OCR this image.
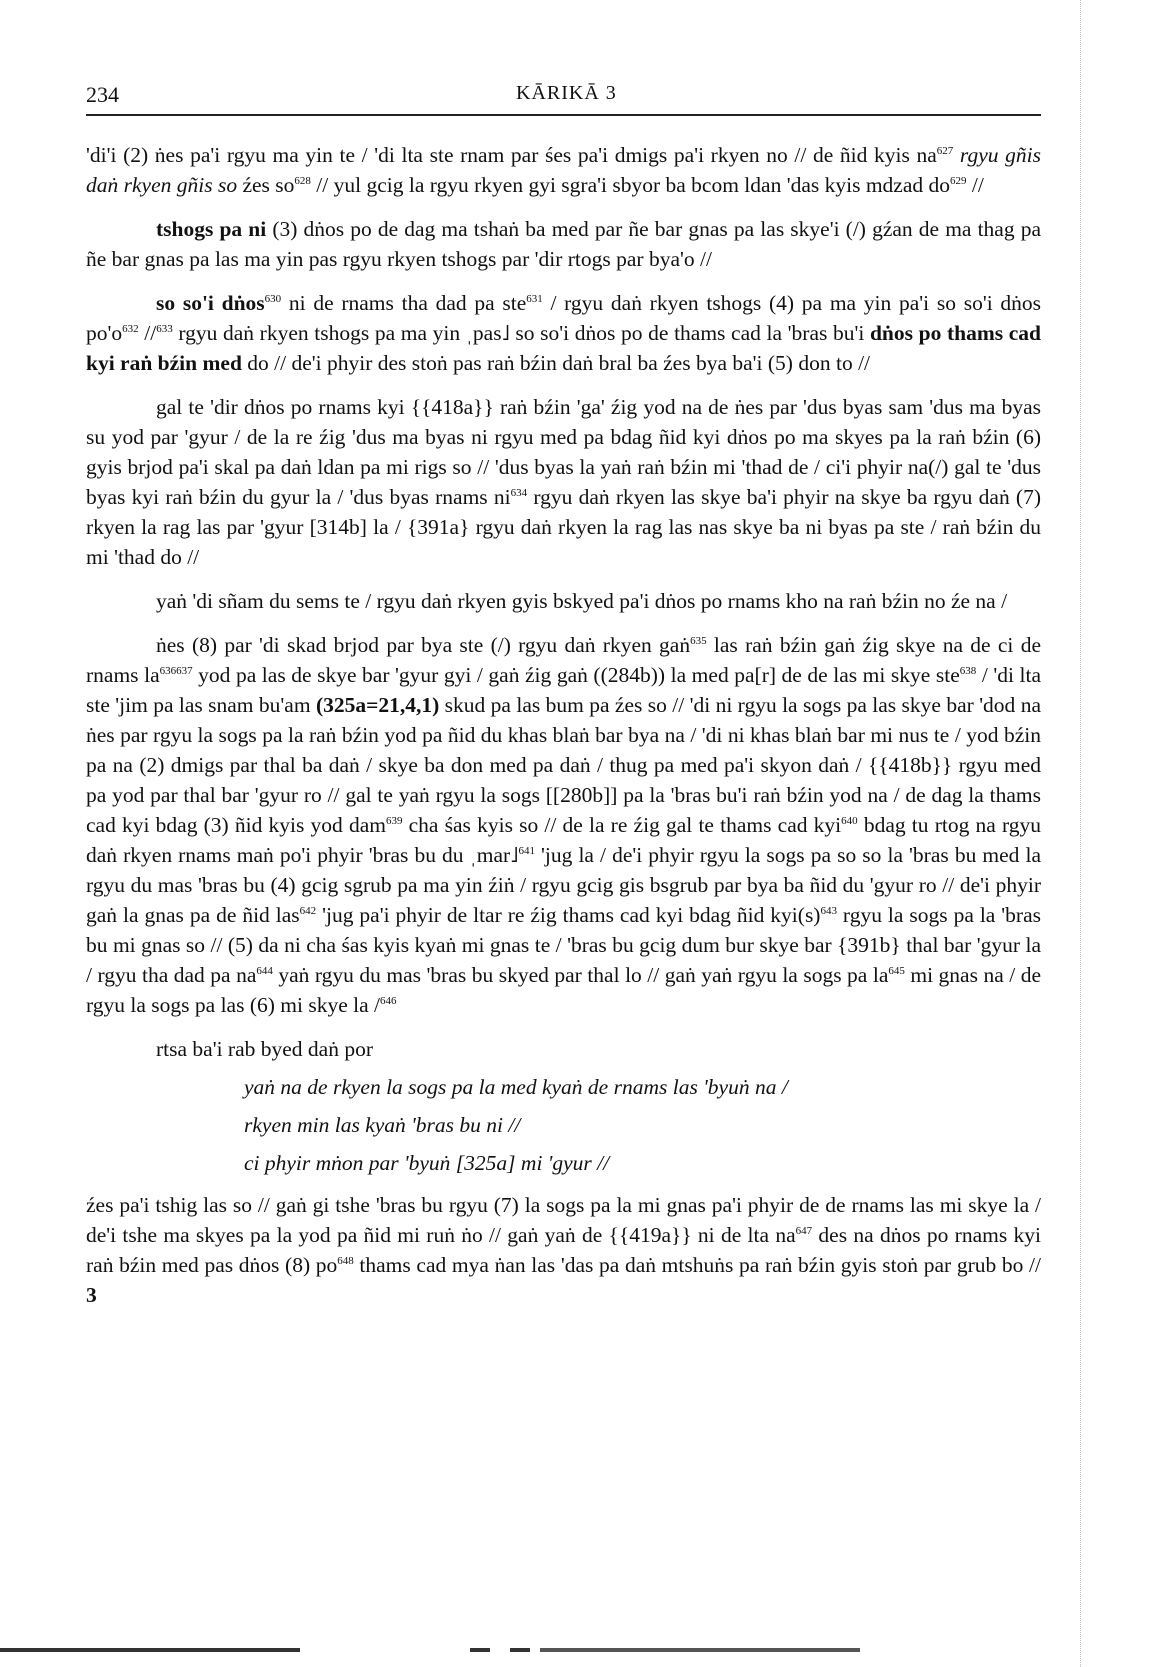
234	KĀRIKĀ 3

'di'i (2) ṅes pa'i rgyu ma yin te / 'di lta ste rnam par śes pa'i dmigs pa'i rkyen no // de ñid kyis $na^{627}$ rgyu gñis daṅ rkyen gñis so źes $so^{628}$ // yul gcig la rgyu rkyen gyi sgra'i sbyor ba bcom ldan 'das kyis mdzad $do^{629}$ //

tshogs pa ni (3) dṅos po de dag ma tshaṅ ba med par ñe bar gnas pa las skye'i (/) gźan de ma thag pa ñe bar gnas pa las ma yin pas rgyu rkyen tshogs par 'dir rtogs par bya'o //

so so'i dṅos$^{630}$ ni de rnams tha dad pa ste$^{631}$ / rgyu daṅ rkyen tshogs (4) pa ma yin pa'i so so'i dṅos $po'o^{632}$ //$^{633}$ rgyu daṅ rkyen tshogs pa ma yin ˌpas˩ so so'i dṅos po de thams cad la 'bras bu'i dṅos po thams cad kyi raṅ bźin med do // de'i phyir des stoṅ pas raṅ bźin daṅ bral ba źes bya ba'i (5) don to //

gal te 'dir dṅos po rnams kyi {{418a}} raṅ bźin 'ga' źig yod na de ṅes par 'dus byas sam 'dus ma byas su yod par 'gyur / de la re źig 'dus ma byas ni rgyu med pa bdag ñid kyi dṅos po ma skyes pa la raṅ bźin (6) gyis brjod pa'i skal pa daṅ ldan pa mi rigs so // 'dus byas la yaṅ raṅ bźin mi 'thad de / ci'i phyir na(/) gal te 'dus byas kyi raṅ bźin du gyur la / 'dus byas rnams $ni^{634}$ rgyu daṅ rkyen las skye ba'i phyir na skye ba rgyu daṅ (7) rkyen la rag las par 'gyur [314b] la / {391a} rgyu daṅ rkyen la rag las nas skye ba ni byas pa ste / raṅ bźin du mi 'thad do //

yaṅ 'di sñam du sems te / rgyu daṅ rkyen gyis bskyed pa'i dṅos po rnams kho na raṅ bźin no źe na /

ṅes (8) par 'di skad brjod par bya ste (/) rgyu daṅ rkyen gaṅ$^{635}$ las raṅ bźin gaṅ źig skye na de ci de rnams $la^{636637}$ yod pa las de skye bar 'gyur gyi / gaṅ źig gaṅ ((284b)) la med pa[r] de de las mi skye ste$^{638}$ / 'di lta ste 'jim pa las snam bu'am (325a=21,4,1) skud pa las bum pa źes so // 'di ni rgyu la sogs pa las skye bar 'dod na ṅes par rgyu la sogs pa la raṅ bźin yod pa ñid du khas blaṅ bar bya na / 'di ni khas blaṅ bar mi nus te / yod bźin pa na (2) dmigs par thal ba daṅ / skye ba don med pa daṅ / thug pa med pa'i skyon daṅ / {{418b}} rgyu med pa yod par thal bar 'gyur ro // gal te yaṅ rgyu la sogs [[280b]] pa la 'bras bu'i raṅ bźin yod na / de dag la thams cad kyi bdag (3) ñid kyis yod dam$^{639}$ cha śas kyis so // de la re źig gal te thams cad kyi$^{640}$ bdag tu rtog na rgyu daṅ rkyen rnams maṅ po'i phyir 'bras bu du ˌmar˩$^{641}$ 'jug la / de'i phyir rgyu la sogs pa so so la 'bras bu med la rgyu du mas 'bras bu (4) gcig sgrub pa ma yin źiṅ / rgyu gcig gis bsgrub par bya ba ñid du 'gyur ro // de'i phyir gaṅ la gnas pa de ñid las$^{642}$ 'jug pa'i phyir de ltar re źig thams cad kyi bdag ñid $kyi(s)^{643}$ rgyu la sogs pa la 'bras bu mi gnas so // (5) da ni cha śas kyis kyaṅ mi gnas te / 'bras bu gcig dum bur skye bar {391b} thal bar 'gyur la / rgyu tha dad pa $na^{644}$ yaṅ rgyu du mas 'bras bu skyed par thal lo // gaṅ yaṅ rgyu la sogs pa $la^{645}$ mi gnas na / de rgyu la sogs pa las (6) mi skye la /$^{646}$

rtsa ba'i rab byed daṅ por

yaṅ na de rkyen la sogs pa la med kyaṅ de rnams las 'byuṅ na /

rkyen min las kyaṅ 'bras bu ni //

ci phyir mṅon par 'byuṅ [325a] mi 'gyur //

źes pa'i tshig las so // gaṅ gi tshe 'bras bu rgyu (7) la sogs pa la mi gnas pa'i phyir de de rnams las mi skye la / de'i tshe ma skyes pa la yod pa ñid mi ruṅ ṅo // gaṅ yaṅ de {{419a}} ni de lta $na^{647}$ des na dṅos po rnams kyi raṅ bźin med pas dṅos (8) $po^{648}$ thams cad mya ṅan las 'das pa daṅ mtshuṅs pa raṅ bźin gyis stoṅ par grub bo // 3
